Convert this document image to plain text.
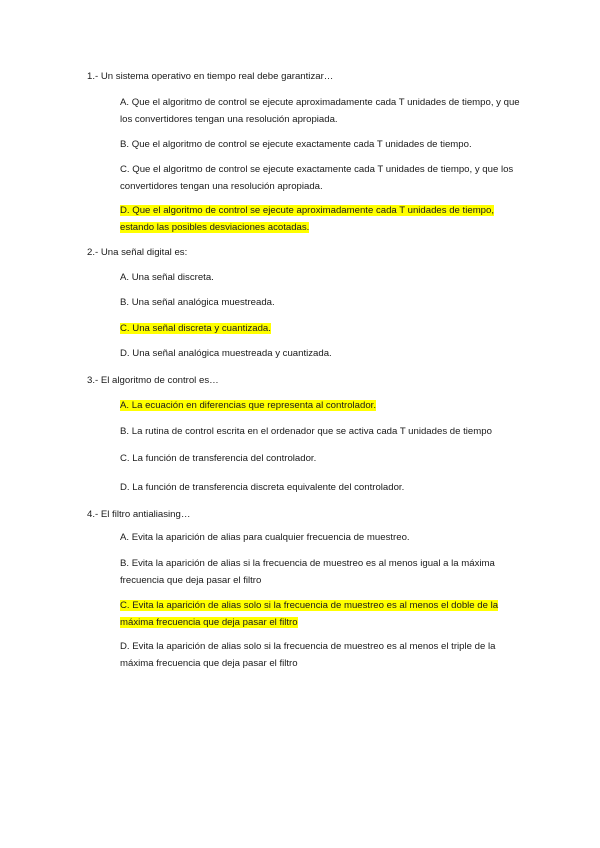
1.- Un sistema operativo en tiempo real debe garantizar…
A. Que el algoritmo de control se ejecute aproximadamente cada T unidades de tiempo, y que los convertidores tengan una resolución apropiada.
B. Que el algoritmo de control se ejecute exactamente cada T unidades de tiempo.
C. Que el algoritmo de control se ejecute exactamente cada T unidades de tiempo, y que los convertidores tengan una resolución apropiada.
D. Que el algoritmo de control se ejecute aproximadamente cada T unidades de tiempo, estando las posibles desviaciones acotadas.
2.- Una señal digital es:
A. Una señal discreta.
B. Una señal analógica muestreada.
C. Una señal discreta y cuantizada.
D. Una señal analógica muestreada y cuantizada.
3.- El algoritmo de control es…
A. La ecuación en diferencias que representa al controlador.
B. La rutina de control escrita en el ordenador que se activa cada T unidades de tiempo
C. La función de transferencia del controlador.
D. La función de transferencia discreta equivalente del controlador.
4.- El filtro antialiasing…
A. Evita la aparición de alias para cualquier frecuencia de muestreo.
B. Evita la aparición de alias si la frecuencia de muestreo es al menos igual a la máxima frecuencia que deja pasar el filtro
C. Evita la aparición de alias solo si la frecuencia de muestreo es al menos el doble de la máxima frecuencia que deja pasar el filtro
D. Evita la aparición de alias solo si la frecuencia de muestreo es al menos el triple de la máxima frecuencia que deja pasar el filtro
